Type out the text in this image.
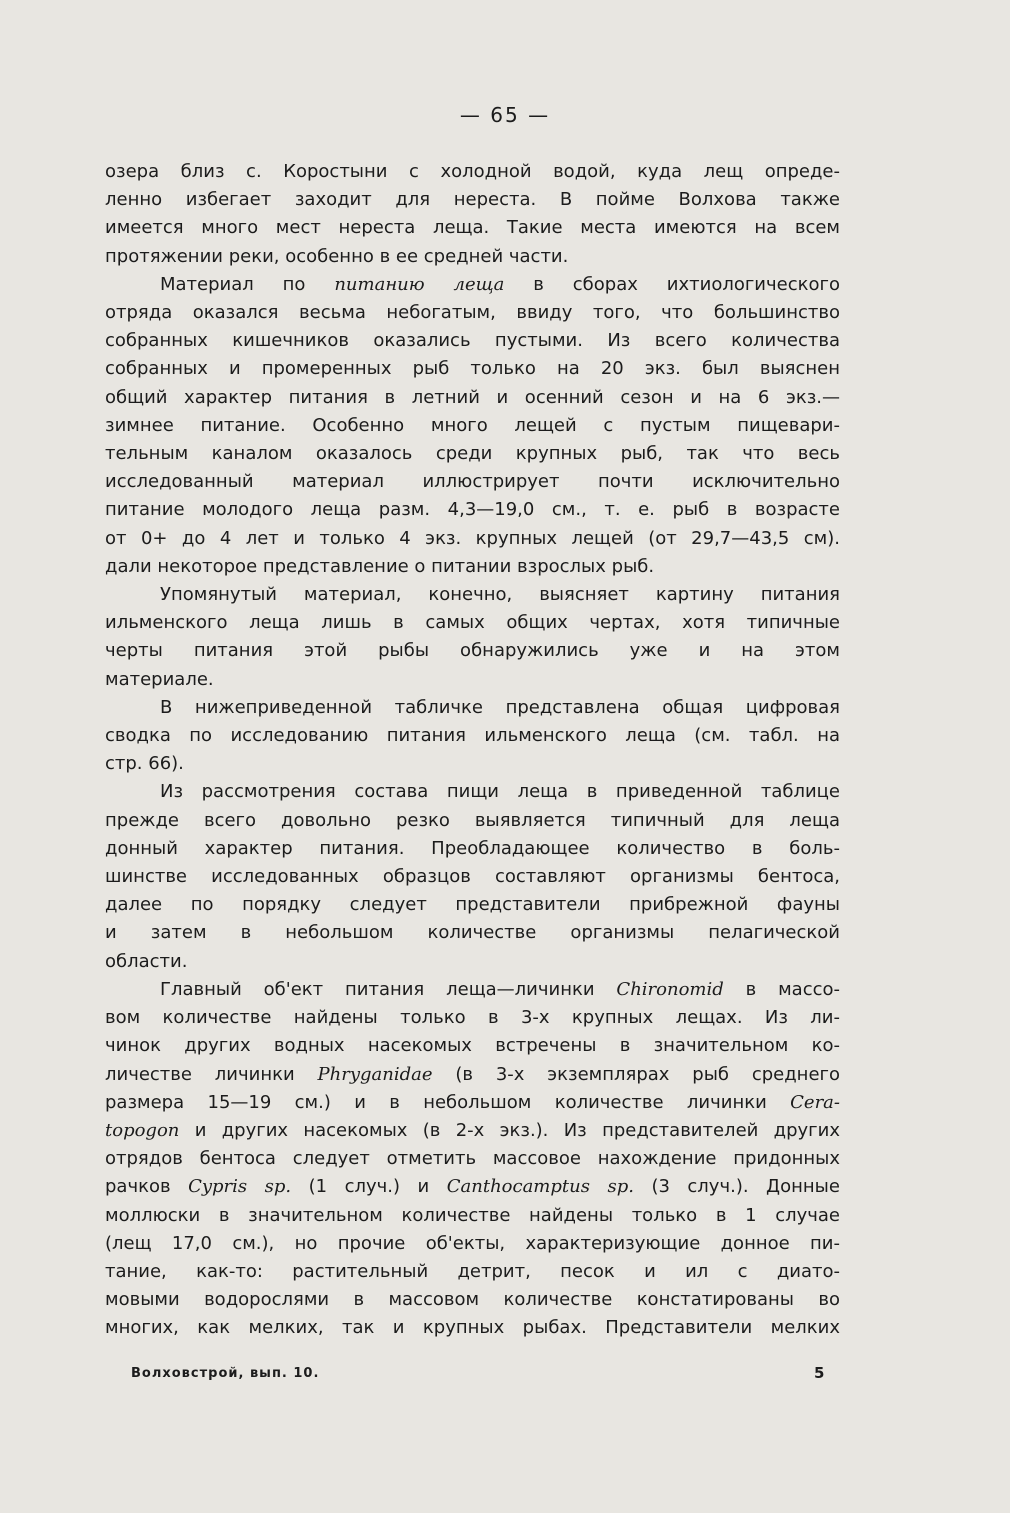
— 65 —

озера близ с. Коростыни с холодной водой, куда лещ опреде-

ленно избегает заходит для нереста. В пойме Волхова также

имеется много мест нереста леща. Такие места имеются на всем

протяжении реки, особенно в ее средней части.

Материал по питанию леща в сборах ихтиологического

отряда оказался весьма небогатым, ввиду того, что большинство

собранных кишечников оказались пустыми. Из всего количества

собранных и промеренных рыб только на 20 экз. был выяснен

общий характер питания в летний и осенний сезон и на 6 экз.—

зимнее питание. Особенно много лещей с пустым пищевари-

тельным каналом оказалось среди крупных рыб, так что весь

исследованный материал иллюстрирует почти исключительно

питание молодого леща разм. 4,3—19,0 см., т. е. рыб в возрасте

от 0+ до 4 лет и только 4 экз. крупных лещей (от 29,7—43,5 см).

дали некоторое представление о питании взрослых рыб.

Упомянутый материал, конечно, выясняет картину питания

ильменского леща лишь в самых общих чертах, хотя типичные

черты питания этой рыбы обнаружились уже и на этом

материале.

В нижеприведенной табличке представлена общая цифровая

сводка по исследованию питания ильменского леща (см. табл. на

стр. 66).

Из рассмотрения состава пищи леща в приведенной таблице

прежде всего довольно резко выявляется типичный для леща

донный характер питания. Преобладающее количество в боль-

шинстве исследованных образцов составляют организмы бентоса,

далее по порядку следует представители прибрежной фауны

и затем в небольшом количестве организмы пелагической

области.

Главный об'ект питания леща—личинки Chironomid в массо-

вом количестве найдены только в 3-х крупных лещах. Из ли-

чинок других водных насекомых встречены в значительном ко-

личестве личинки Phryganidae (в 3-х экземплярах рыб среднего

размера 15—19 см.) и в небольшом количестве личинки Cera-

topogon и других насекомых (в 2-х экз.). Из представителей других

отрядов бентоса следует отметить массовое нахождение придонных

рачков Cypris sp. (1 случ.) и Canthocamptus sp. (3 случ.). Донные

моллюски в значительном количестве найдены только в 1 случае

(лещ 17,0 см.), но прочие об'екты, характеризующие донное пи-

тание, как-то: растительный детрит, песок и ил с диато-

мовыми водорослями в массовом количестве констатированы во

многих, как мелких, так и крупных рыбах. Представители мелких

Волховстрой, вып. 10.	5
